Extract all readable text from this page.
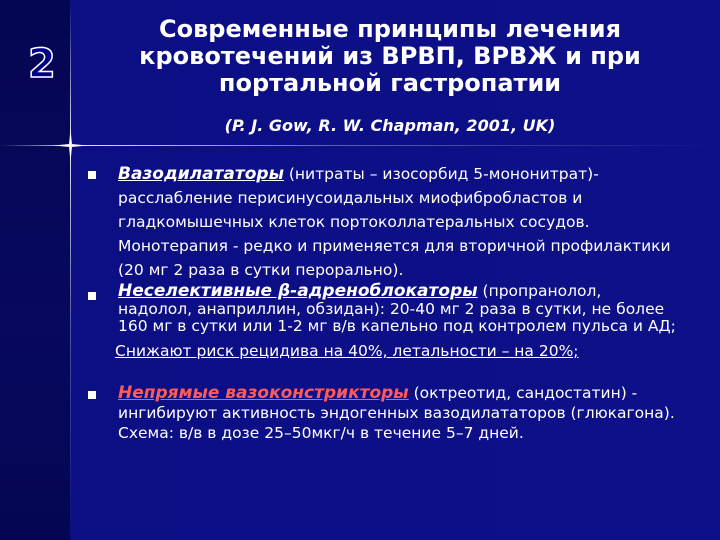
2
Современные принципы лечения кровотечений из ВРВП, ВРВЖ и при портальной гастропатии
(P. J. Gow, R. W. Chapman, 2001, UK)
Вазодилататоры (нитраты – изосорбид 5-мононитрат)- расслабление перисинусоидальных миофибробластов и гладкомышечных клеток портоколлатеральных сосудов. Монотерапия - редко и применяется для вторичной профилактики (20 мг 2 раза в сутки перорально).
Неселективные β-адреноблокаторы (пропранолол,
надолол, анаприллин, обзидан): 20-40 мг 2 раза в сутки, не более 160 мг в сутки или 1-2 мг в/в капельно под контролем пульса и АД;
Снижают риск рецидива на 40%, летальности – на 20%;
Непрямые вазоконстрикторы (октреотид, сандостатин) - ингибируют активность эндогенных вазодилататоров (глюкагона). Схема: в/в в дозе 25–50мкг/ч в течение 5–7 дней.
